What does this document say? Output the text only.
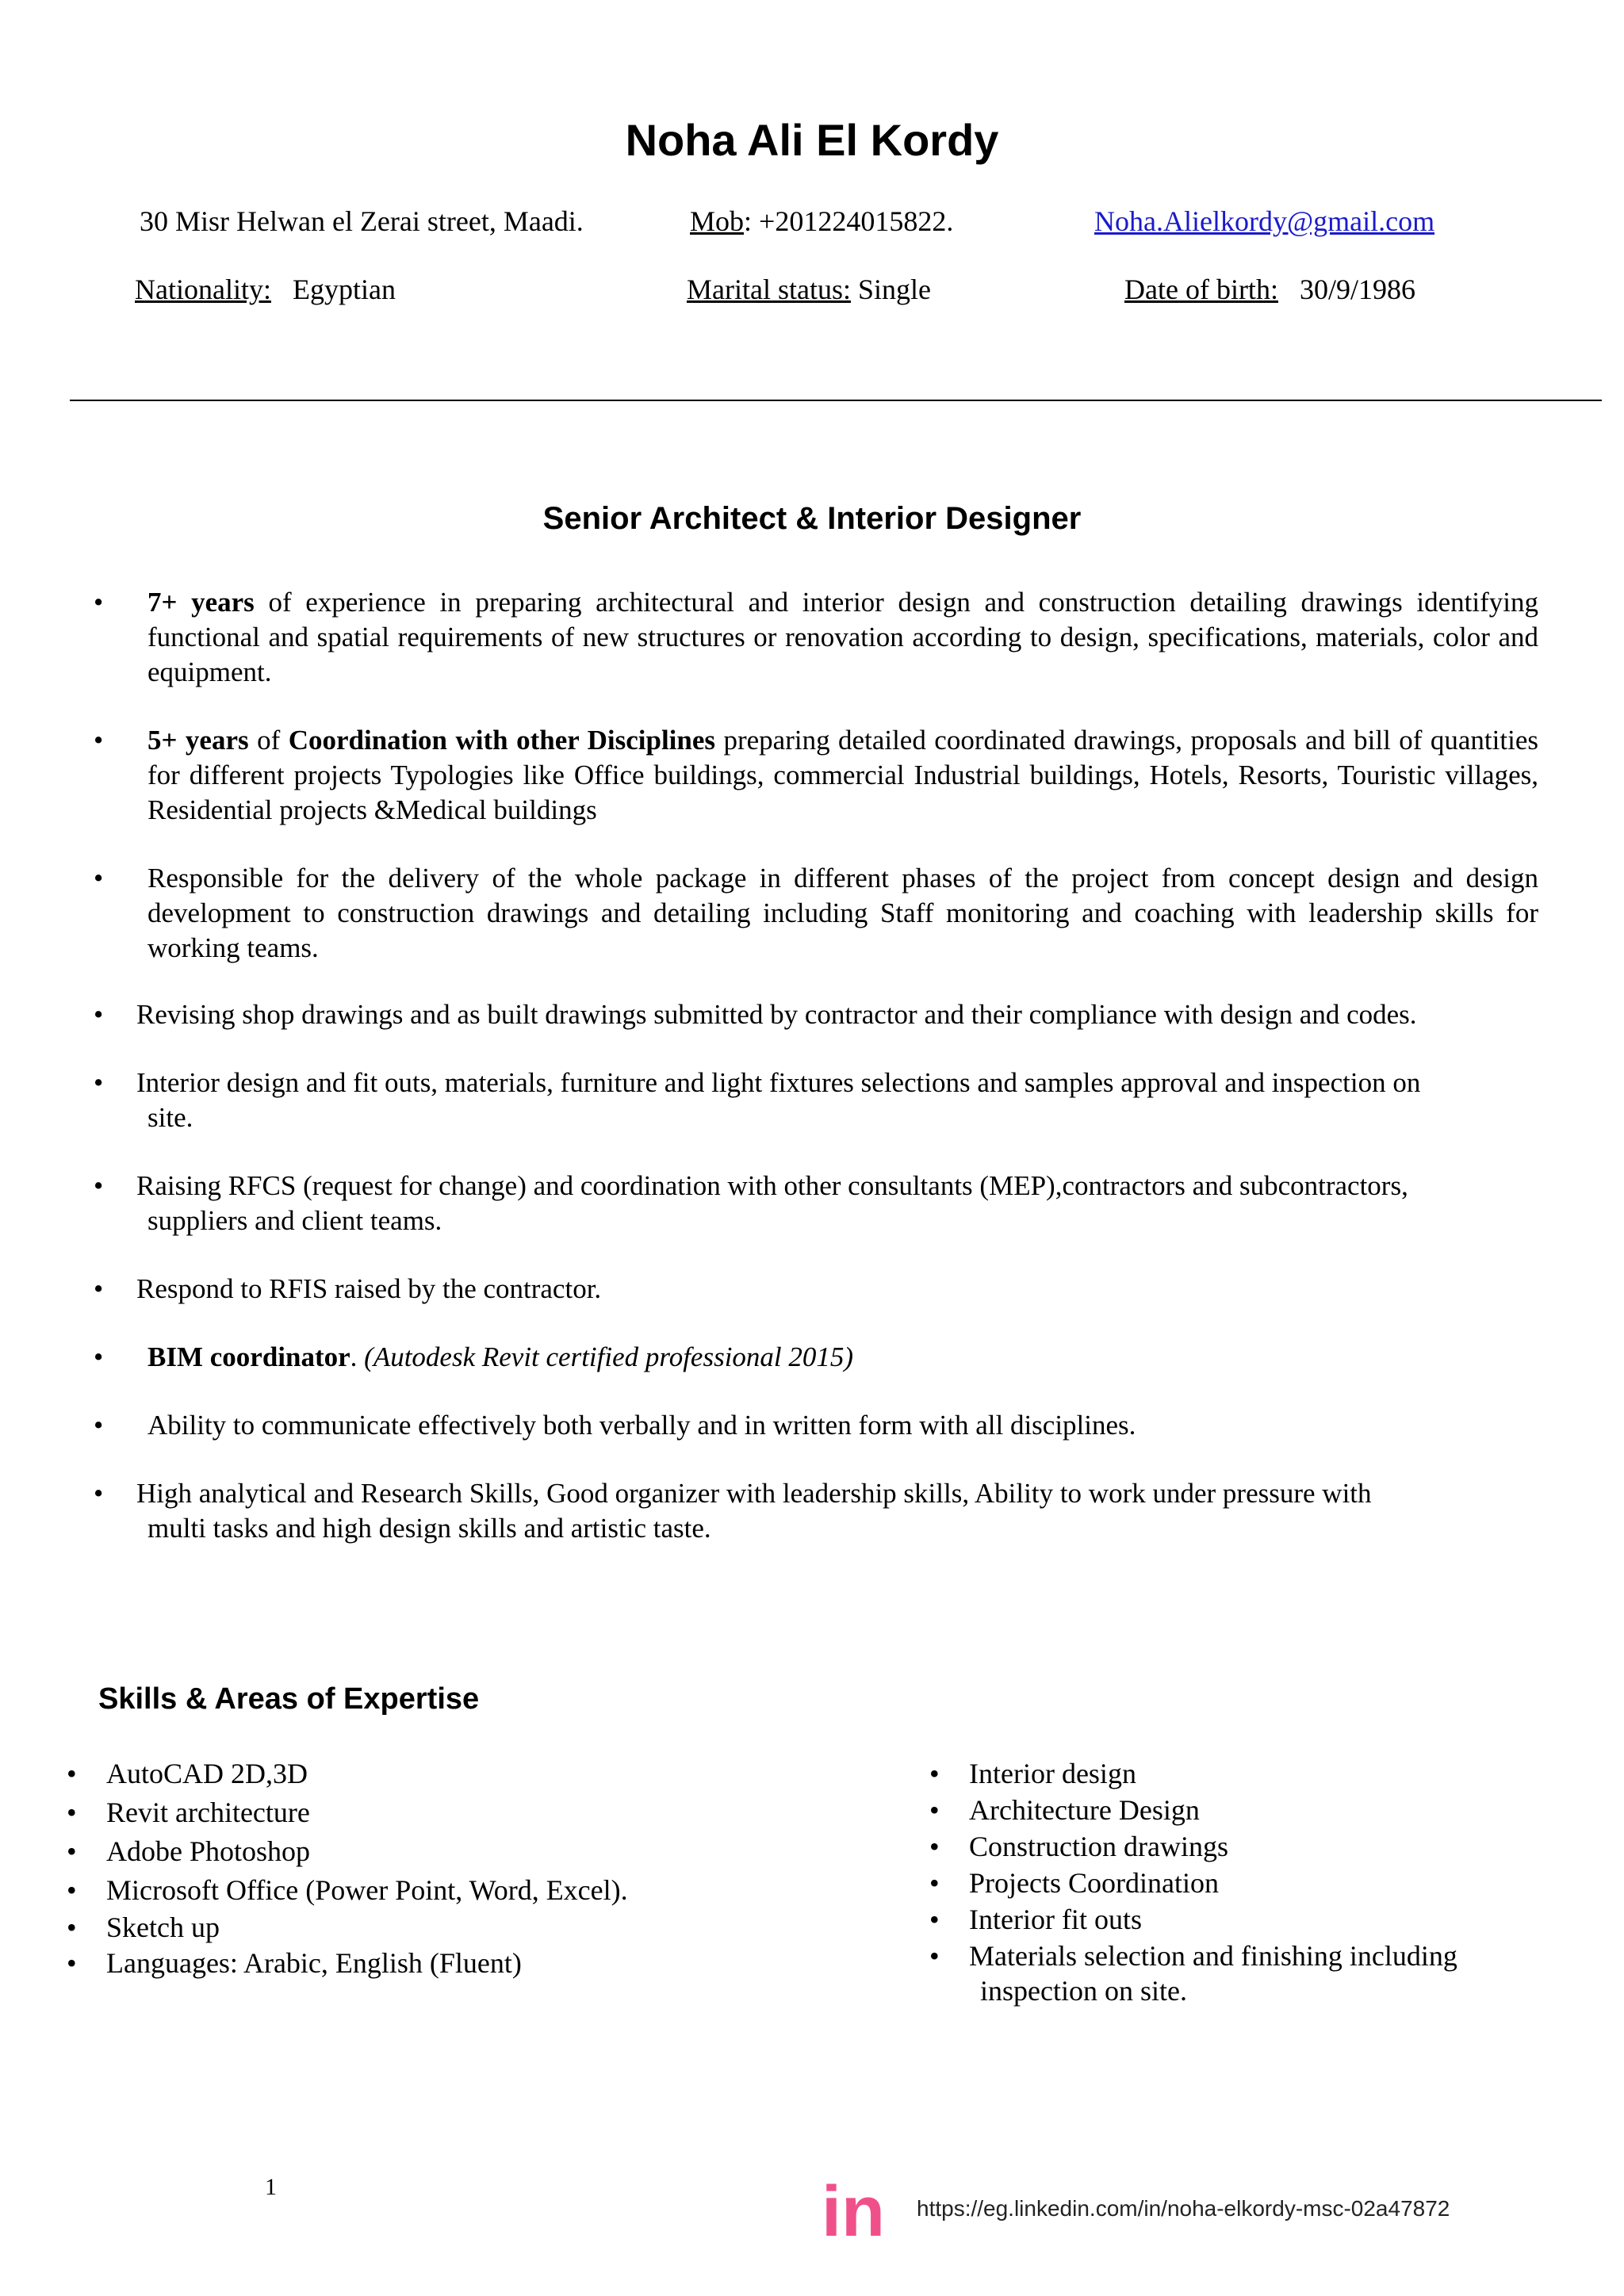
Noha Ali El Kordy
30 Misr Helwan el Zerai street, Maadi.	Mob: +201224015822.	Noha.Alielkordy@gmail.com
Nationality: Egyptian	Marital status: Single	Date of birth: 30/9/1986
Senior Architect & Interior Designer
• 7+ years of experience in preparing architectural and interior design and construction detailing drawings identifying functional and spatial requirements of new structures or renovation according to design, specifications, materials, color and equipment.
• 5+ years of Coordination with other Disciplines preparing detailed coordinated drawings, proposals and bill of quantities for different projects Typologies like Office buildings, commercial Industrial buildings, Hotels, Resorts, Touristic villages, Residential projects &Medical buildings
• Responsible for the delivery of the whole package in different phases of the project from concept design and design development to construction drawings and detailing including Staff monitoring and coaching with leadership skills for working teams.
• Revising shop drawings and as built drawings submitted by contractor and their compliance with design and codes.
• Interior design and fit outs, materials, furniture and light fixtures selections and samples approval and inspection on
site.
• Raising RFCS (request for change) and coordination with other consultants (MEP),contractors and subcontractors,
suppliers and client teams.
• Respond to RFIS raised by the contractor.
• BIM coordinator. (Autodesk Revit certified professional 2015)
• Ability to communicate effectively both verbally and in written form with all disciplines.
• High analytical and Research Skills, Good organizer with leadership skills, Ability to work under pressure with
multi tasks and high design skills and artistic taste.
Skills & Areas of Expertise
• AutoCAD 2D,3D
• Revit architecture
• Adobe Photoshop
• Microsoft Office (Power Point, Word, Excel).
• Sketch up
• Languages: Arabic, English (Fluent)
• Interior design
• Architecture Design
• Construction drawings
• Projects Coordination
• Interior fit outs
• Materials selection and finishing including
inspection on site.
1	in https://eg.linkedin.com/in/noha-elkordy-msc-02a47872
